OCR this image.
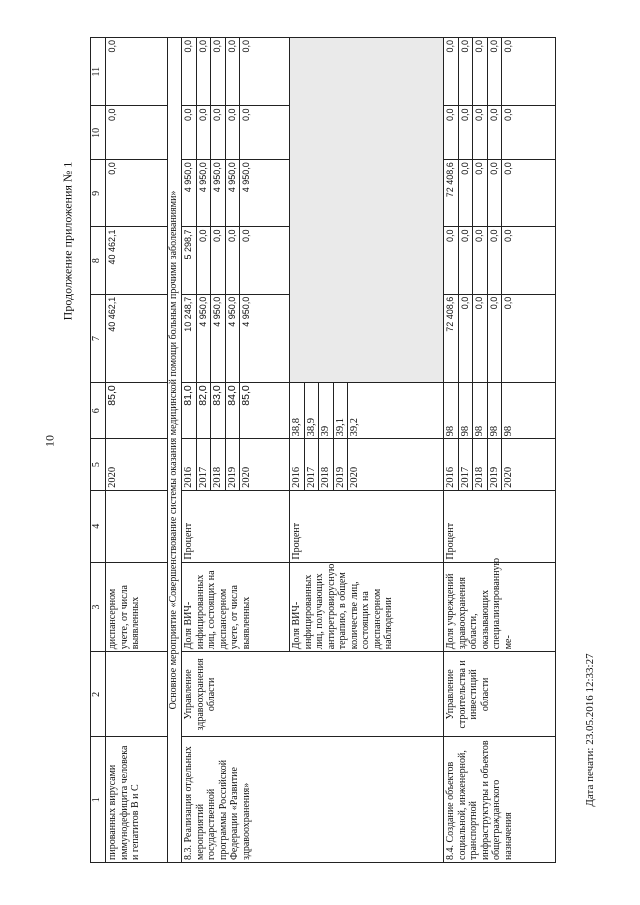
10
Продолжение приложения № 1
Дата печати: 23.05.2016 12:33:27
1	2	3	4	5	6	7	8	9	10	11
пированных вирусами иммунодефицита человека и гепатитов B и C		диспансерном учете, от числа выявленных		2020	85,0	40 462,1	40 462,1	0,0	0,0	0,0
Основное мероприятие «Совершенствование системы оказания медицинской помощи больным прочими заболеваниями»										
8.3. Реализация отдельных мероприятий государственной программы Российской Федерации «Развитие здравоохранения»	Управление здравоохранения области	Доля ВИЧ-инфицированных лиц, состоящих на диспансерном учете, от числа выявленных	Процент	2016	81,0	10 248,7	5 298,7	4 950,0	0,0	0,0
				2017	82,0	4 950,0	0,0	4 950,0	0,0	0,0
				2018	83,0	4 950,0	0,0	4 950,0	0,0	0,0
				2019	84,0	4 950,0	0,0	4 950,0	0,0	0,0
				2020	85,0	4 950,0	0,0	4 950,0	0,0	0,0
		Доля ВИЧ-инфицированных лиц, получающих антиретровирусную терапию, в общем количестве лиц, состоящих на диспансерном наблюдении	Процент	2016	38,8					
				2017	38,9					
				2018	39					
				2019	39,1					
				2020	39,2					
8.4. Создание объектов социальной, инженерной, транспортной инфраструктуры и объектов общегражданского назначения	Управление строительства и инвестиций области	Доля учреждений здравоохранения области, оказывающих специализированную ме-	Процент	2016	98	72 408,6	0,0	72 408,6	0,0	0,0
				2017	98	0,0	0,0	0,0	0,0	0,0
				2018	98	0,0	0,0	0,0	0,0	0,0
				2019	98	0,0	0,0	0,0	0,0	0,0
				2020	98	0,0	0,0	0,0	0,0	0,0
